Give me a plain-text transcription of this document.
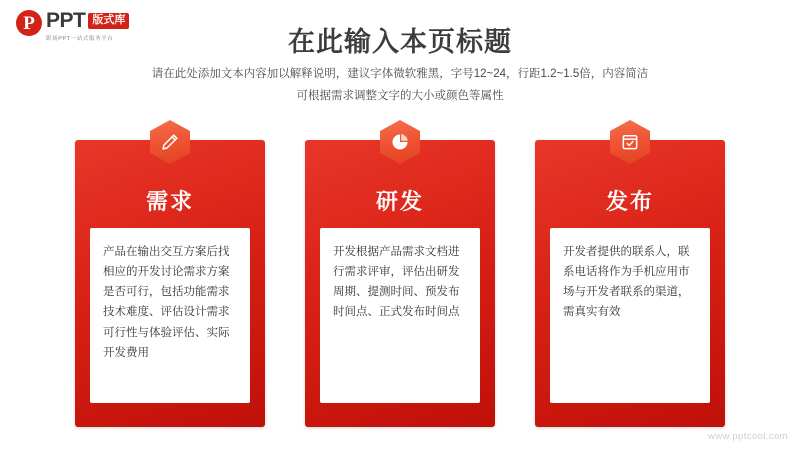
P PPT 版式库
职场PPT一站式服务平台	在此输入本页标题
请在此处添加文本内容加以解释说明，建议字体微软雅黑，字号12~24，行距1.2~1.5倍，内容简洁
可根据需求调整文字的大小或颜色等属性
需求
产品在输出交互方案后找相应的开发讨论需求方案是否可行，包括功能需求技术难度、评估设计需求可行性与体验评估、实际开发费用
研发
开发根据产品需求文档进行需求评审，评估出研发周期、提测时间、预发布时间点、正式发布时间点
发布
开发者提供的联系人，联系电话将作为手机应用市场与开发者联系的渠道，需真实有效
www.pptcool.com
